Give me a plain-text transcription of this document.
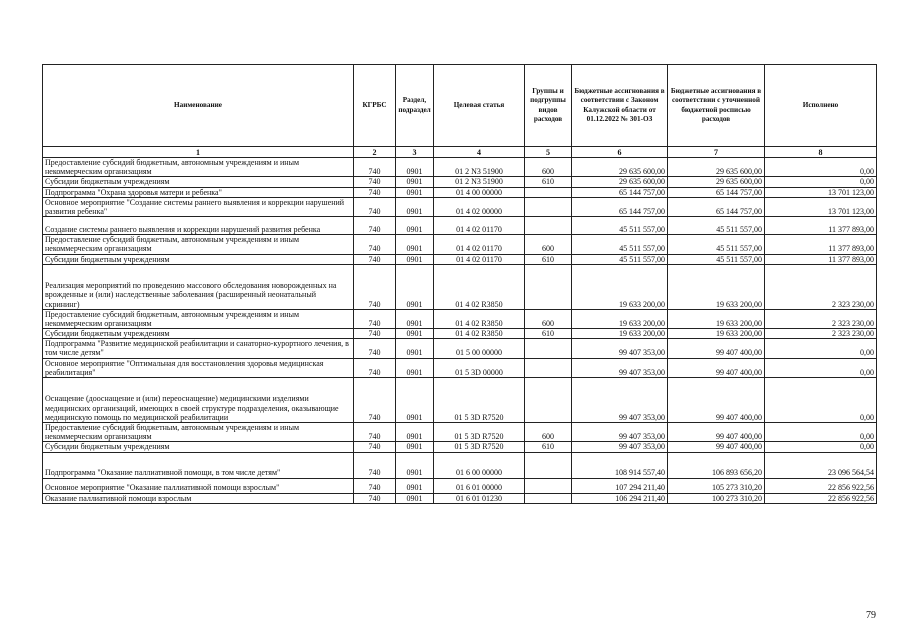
Наименование	КГРБС	Раздел, подраздел	Целевая статья	Группы и подгруппы видов расходов	Бюджетные ассигнования в соответствии с Законом Калужской области от 01.12.2022 № 301-ОЗ	Бюджетные ассигнования в соответствии с уточненной бюджетной росписью расходов	Исполнено
1	2	3	4	5	6	7	8
Предоставление субсидий бюджетным, автономным учреждениям и иным некоммерческим организациям	740	0901	01 2 N3 51900	600	29 635 600,00	29 635 600,00	0,00
Субсидии бюджетным учреждениям	740	0901	01 2 N3 51900	610	29 635 600,00	29 635 600,00	0,00
Подпрограмма "Охрана здоровья матери и ребенка"	740	0901	01 4 00 00000		65 144 757,00	65 144 757,00	13 701 123,00
Основное мероприятие "Создание системы раннего выявления и коррекции нарушений развития ребенка"	740	0901	01 4 02 00000		65 144 757,00	65 144 757,00	13 701 123,00
Создание системы раннего выявления и коррекции нарушений развития ребенка	740	0901	01 4 02 01170		45 511 557,00	45 511 557,00	11 377 893,00
Предоставление субсидий бюджетным, автономным учреждениям и иным некоммерческим организациям	740	0901	01 4 02 01170	600	45 511 557,00	45 511 557,00	11 377 893,00
Субсидии бюджетным учреждениям	740	0901	01 4 02 01170	610	45 511 557,00	45 511 557,00	11 377 893,00
Реализация мероприятий по проведению массового обследования новорожденных на врожденные и (или) наследственные заболевания (расширенный неонатальный скрининг)	740	0901	01 4 02 R3850		19 633 200,00	19 633 200,00	2 323 230,00
Предоставление субсидий бюджетным, автономным учреждениям и иным некоммерческим организациям	740	0901	01 4 02 R3850	600	19 633 200,00	19 633 200,00	2 323 230,00
Субсидии бюджетным учреждениям	740	0901	01 4 02 R3850	610	19 633 200,00	19 633 200,00	2 323 230,00
Подпрограмма "Развитие медицинской реабилитации и санаторно-курортного лечения, в том числе детям"	740	0901	01 5 00 00000		99 407 353,00	99 407 400,00	0,00
Основное мероприятие "Оптимальная для восстановления здоровья медицинская реабилитация"	740	0901	01 5 3D 00000		99 407 353,00	99 407 400,00	0,00
Оснащение (дооснащение и (или) переоснащение) медицинскими изделиями медицинских организаций, имеющих в своей структуре подразделения, оказывающие медицинскую помощь по медицинской реабилитации	740	0901	01 5 3D R7520		99 407 353,00	99 407 400,00	0,00
Предоставление субсидий бюджетным, автономным учреждениям и иным некоммерческим организациям	740	0901	01 5 3D R7520	600	99 407 353,00	99 407 400,00	0,00
Субсидии бюджетным учреждениям	740	0901	01 5 3D R7520	610	99 407 353,00	99 407 400,00	0,00
Подпрограмма "Оказание паллиативной помощи, в том числе детям"	740	0901	01 6 00 00000		108 914 557,40	106 893 656,20	23 096 564,54
Основное мероприятие "Оказание паллиативной помощи взрослым"	740	0901	01 6 01 00000		107 294 211,40	105 273 310,20	22 856 922,56
Оказание паллиативной помощи взрослым	740	0901	01 6 01 01230		106 294 211,40	100 273 310,20	22 856 922,56
79
